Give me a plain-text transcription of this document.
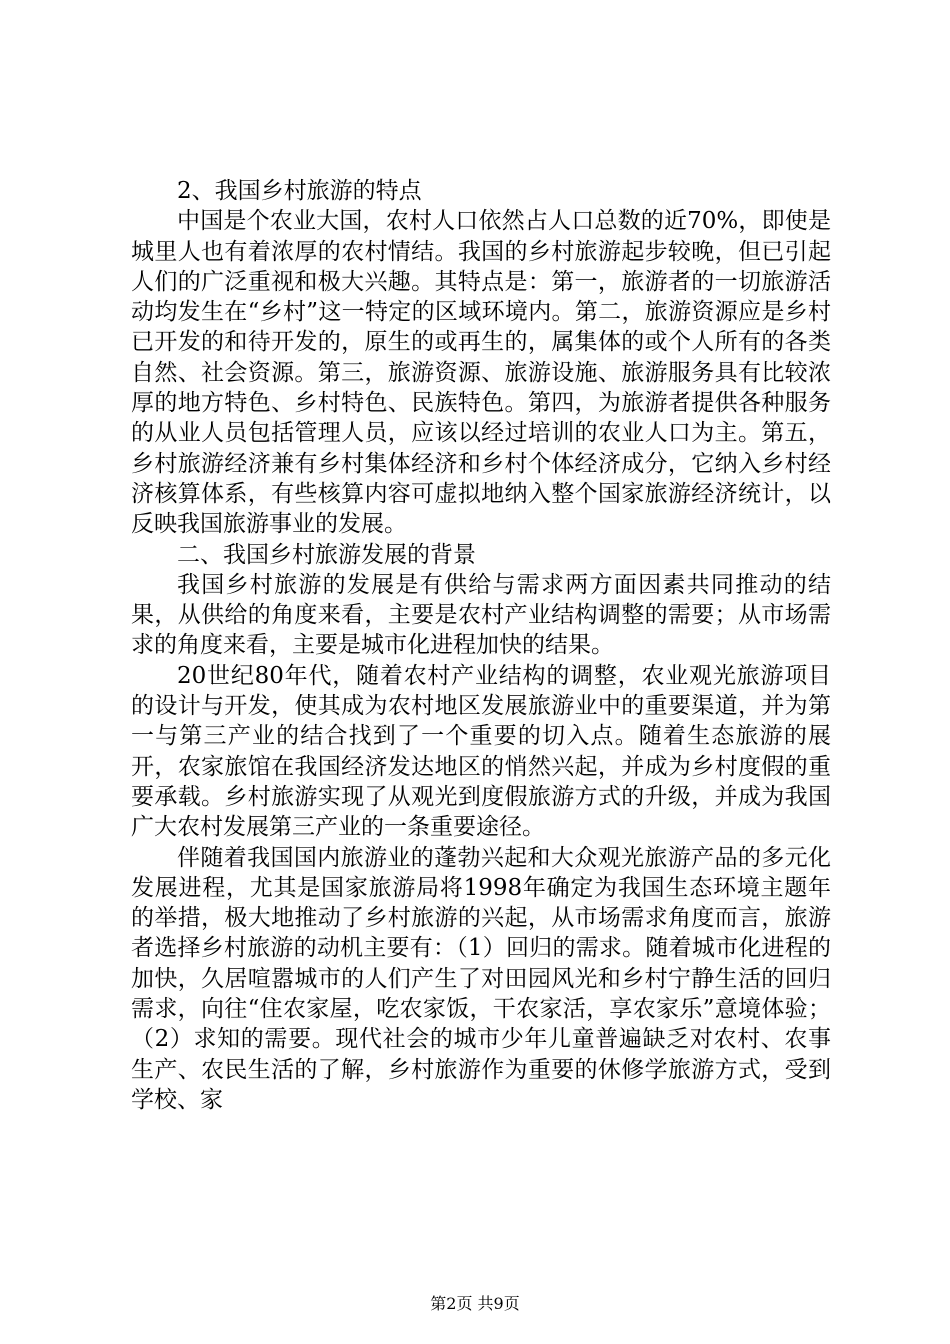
2、我国乡村旅游的特点

中国是个农业大国，农村人口依然占人口总数的近70%，即使是城里人也有着浓厚的农村情结。我国的乡村旅游起步较晚，但已引起人们的广泛重视和极大兴趣。其特点是：第一，旅游者的一切旅游活动均发生在“乡村”这一特定的区域环境内。第二，旅游资源应是乡村已开发的和待开发的，原生的或再生的，属集体的或个人所有的各类自然、社会资源。第三，旅游资源、旅游设施、旅游服务具有比较浓厚的地方特色、乡村特色、民族特色。第四，为旅游者提供各种服务的从业人员包括管理人员，应该以经过培训的农业人口为主。第五，乡村旅游经济兼有乡村集体经济和乡村个体经济成分，它纳入乡村经济核算体系，有些核算内容可虚拟地纳入整个国家旅游经济统计，以反映我国旅游事业的发展。

二、我国乡村旅游发展的背景

我国乡村旅游的发展是有供给与需求两方面因素共同推动的结果，从供给的角度来看，主要是农村产业结构调整的需要；从市场需求的角度来看，主要是城市化进程加快的结果。

20世纪80年代，随着农村产业结构的调整，农业观光旅游项目的设计与开发，使其成为农村地区发展旅游业中的重要渠道，并为第一与第三产业的结合找到了一个重要的切入点。随着生态旅游的展开，农家旅馆在我国经济发达地区的悄然兴起，并成为乡村度假的重要承载。乡村旅游实现了从观光到度假旅游方式的升级，并成为我国广大农村发展第三产业的一条重要途径。

伴随着我国国内旅游业的蓬勃兴起和大众观光旅游产品的多元化发展进程，尤其是国家旅游局将1998年确定为我国生态环境主题年的举措，极大地推动了乡村旅游的兴起，从市场需求角度而言，旅游者选择乡村旅游的动机主要有：（1）回归的需求。随着城市化进程的加快，久居喧嚣城市的人们产生了对田园风光和乡村宁静生活的回归需求，向往“住农家屋，吃农家饭，干农家活，享农家乐”意境体验；（2）求知的需要。现代社会的城市少年儿童普遍缺乏对农村、农事生产、农民生活的了解，乡村旅游作为重要的休修学旅游方式，受到学校、家

第2页 共9页
